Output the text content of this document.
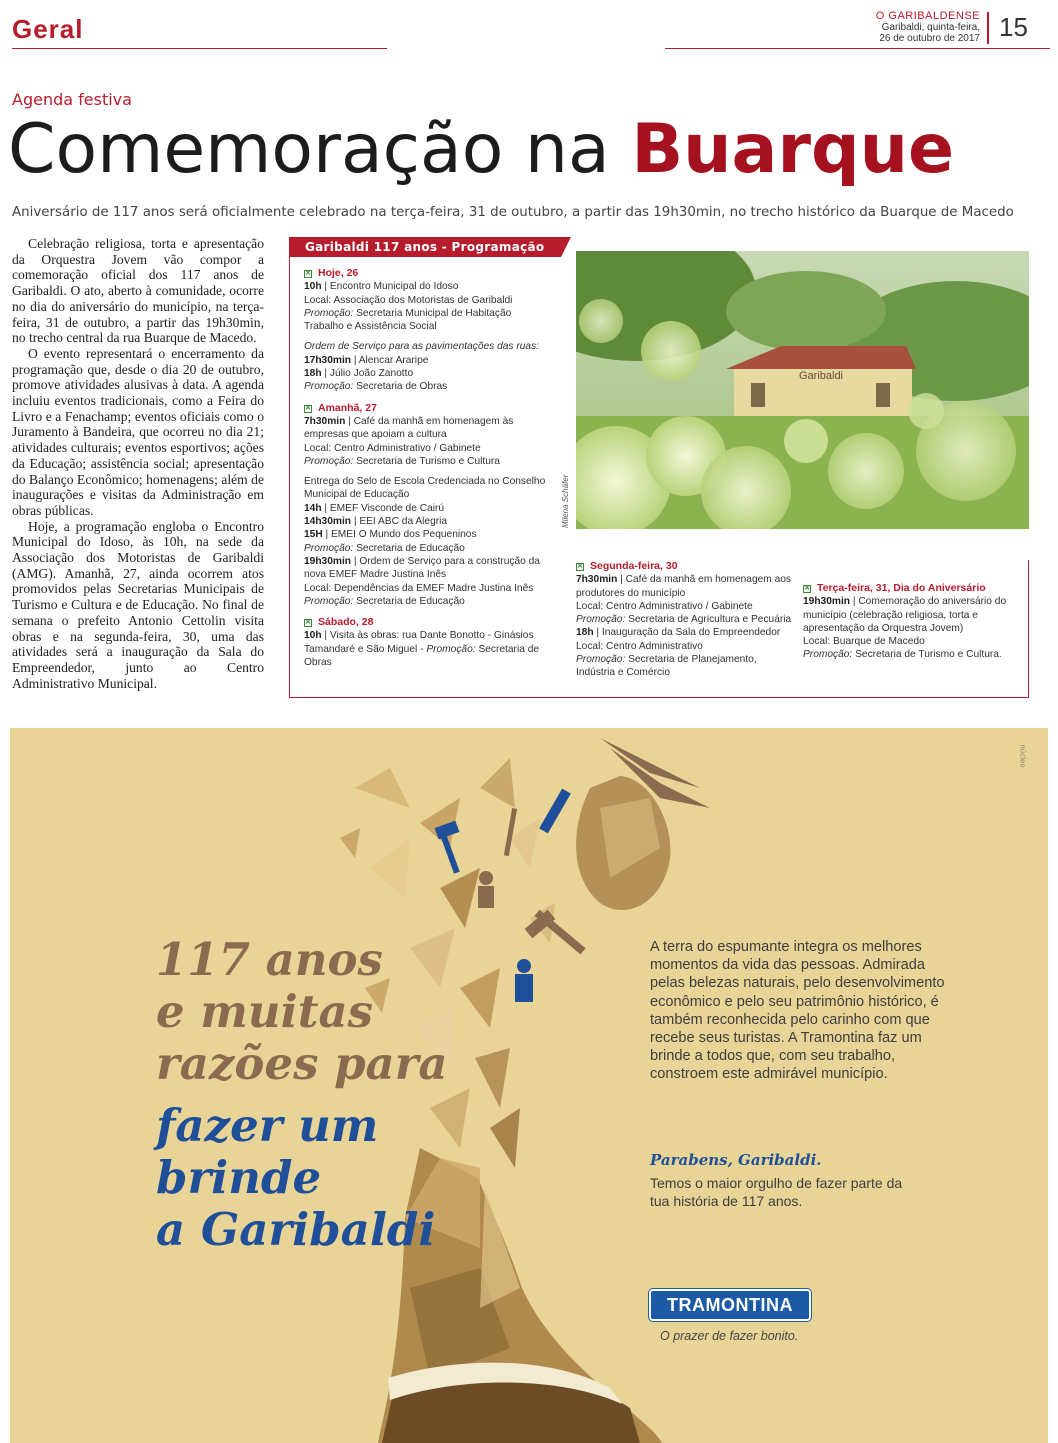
Geral	O GARIBALDENSE
Garibaldi, quinta-feira,
26 de outubro de 2017 15
Agenda festiva
Comemoração na Buarque
Aniversário de 117 anos será oficialmente celebrado na terça-feira, 31 de outubro, a partir das 19h30min, no trecho histórico da Buarque de Macedo

Celebração religiosa, torta e apresentação da Orquestra Jovem vão compor a comemoração oficial dos 117 anos de Garibaldi. O ato, aberto à comunidade, ocorre no dia do aniversário do município, na terça-feira, 31 de outubro, a partir das 19h30min, no trecho central da rua Buarque de Macedo.

O evento representará o encerramento da programação que, desde o dia 20 de outubro, promove atividades alusivas à data. A agenda incluiu eventos tradicionais, como a Feira do Livro e a Fenachamp; eventos oficiais como o Juramento à Bandeira, que ocorreu no dia 21; atividades culturais; eventos esportivos; ações da Educação; assistência social; apresentação do Balanço Econômico; homenagens; além de inaugurações e visitas da Administração em obras públicas.

Hoje, a programação engloba o Encontro Municipal do Idoso, às 10h, na sede da Associação dos Motoristas de Garibaldi (AMG). Amanhã, 27, ainda ocorrem atos promovidos pelas Secretarias Municipais de Turismo e Cultura e de Educação. No final de semana o prefeito Antonio Cettolin visita obras e na segunda-feira, 30, uma das atividades será a inauguração da Sala do Empreendedor, junto ao Centro Administrativo Municipal.

Garibaldi 117 anos - Programação
✕ Hoje, 26
10h | Encontro Municipal do Idoso
Local: Associação dos Motoristas de Garibaldi
Promoção: Secretaria Municipal de Habitação Trabalho e Assistência Social
Ordem de Serviço para as pavimentações das ruas:
17h30min | Alencar Araripe
18h | Júlio João Zanotto
Promoção: Secretaria de Obras
✕ Amanhã, 27
7h30min | Café da manhã em homenagem às empresas que apoiam a cultura
Local: Centro Administrativo / Gabinete
Promoção: Secretaria de Turismo e Cultura
Entrega do Selo de Escola Credenciada no Conselho Municipal de Educação
14h | EMEF Visconde de Cairú
14h30min | EEI ABC da Alegria
15H | EMEI O Mundo dos Pequeninos
Promoção: Secretaria de Educação
19h30min | Ordem de Serviço para a construção da nova EMEF Madre Justina Inês
Local: Dependências da EMEF Madre Justina Inês
Promoção: Secretaria de Educação
✕ Sábado, 28
10h | Visita às obras: rua Dante Bonotto - Ginásios Tamandaré e São Miguel - Promoção: Secretaria de Obras
✕ Segunda-feira, 30
7h30min | Café da manhã em homenagem aos produtores do município
Local: Centro Administrativo / Gabinete
Promoção: Secretaria de Agricultura e Pecuária
18h | Inauguração da Sala do Empreendedor
Local: Centro Administrativo
Promoção: Secretaria de Planejamento, Indústria e Comércio
✕ Terça-feira, 31, Dia do Aniversário
19h30min | Comemoração do aniversário do município (celebração religiosa, torta e apresentação da Orquestra Jovem)
Local: Buarque de Macedo
Promoção: Secretaria de Turismo e Cultura.
Garibaldi
Milena Schäfer
núcleo
117 anos
e muitas
razões para
fazer um
brinde
a Garibaldi
A terra do espumante integra os melhores momentos da vida das pessoas. Admirada pelas belezas naturais, pelo desenvolvimento econômico e pelo seu patrimônio histórico, é também reconhecida pelo carinho com que recebe seus turistas. A Tramontina faz um brinde a todos que, com seu trabalho, constroem este admirável município.
Parabens, Garibaldi.
Temos o maior orgulho de fazer parte da tua história de 117 anos.
TRAMONTINA
O prazer de fazer bonito.
